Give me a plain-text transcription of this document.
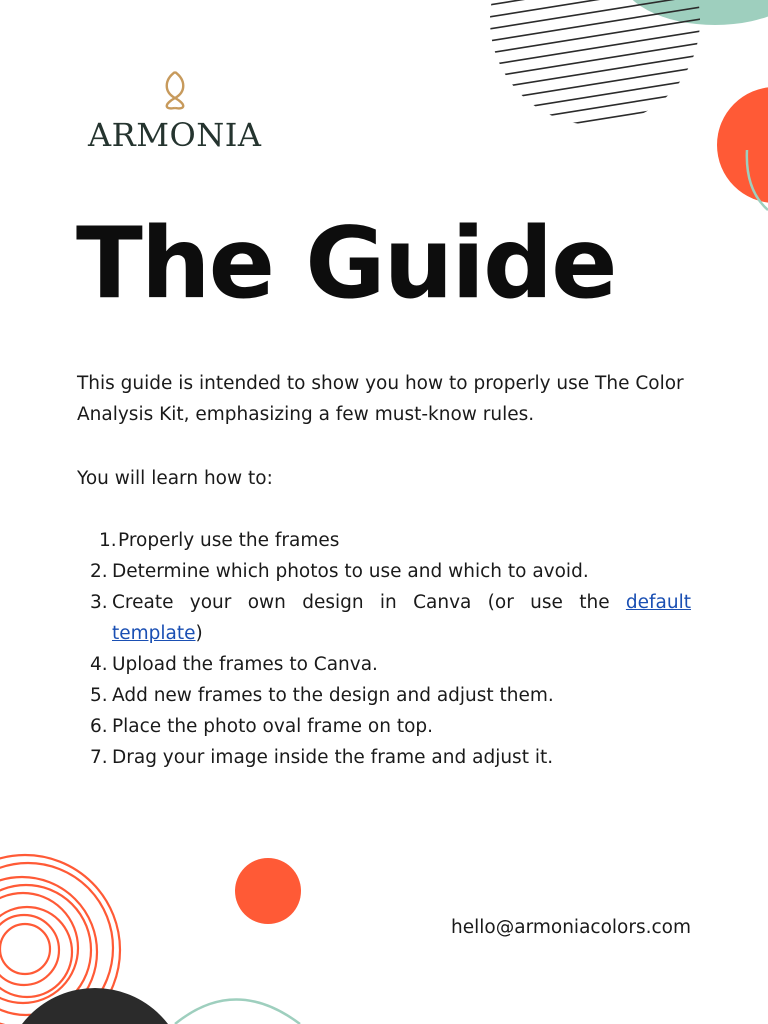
ARMONIA
The Guide

This guide is intended to show you how to properly use The Color Analysis Kit, emphasizing a few must-know rules.

You will learn how to:

1. Properly use the frames
2. Determine which photos to use and which to avoid.
3. Create your own design in Canva (or use the default template)
4. Upload the frames to Canva.
5. Add new frames to the design and adjust them.
6. Place the photo oval frame on top.
7. Drag your image inside the frame and adjust it.
hello@armoniacolors.com
